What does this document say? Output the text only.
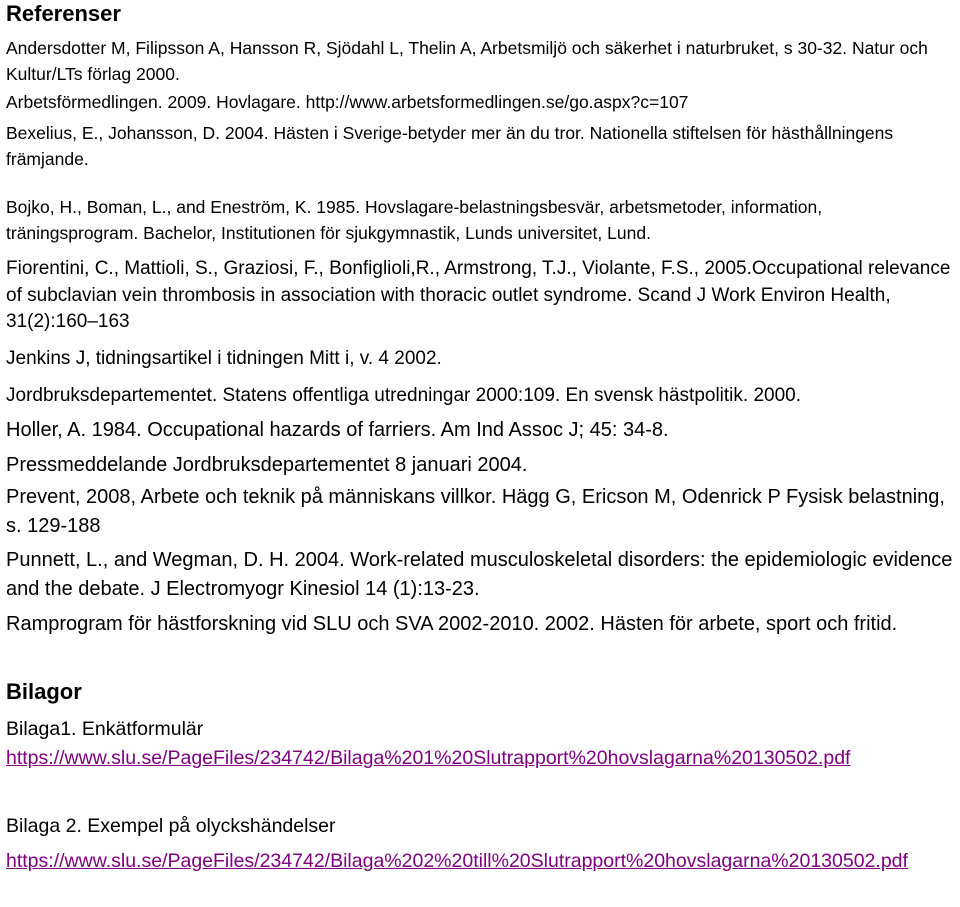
Referenser

Andersdotter M, Filipsson A, Hansson R, Sjödahl L, Thelin A, Arbetsmiljö och säkerhet i naturbruket, s 30-32. Natur och Kultur/LTs förlag 2000.

Arbetsförmedlingen. 2009. Hovlagare. http://www.arbetsformedlingen.se/go.aspx?c=107

Bexelius, E., Johansson, D. 2004. Hästen i Sverige-betyder mer än du tror. Nationella stiftelsen för hästhållningens främjande.

Bojko, H., Boman, L., and Eneström, K. 1985. Hovslagare-belastningsbesvär, arbetsmetoder, information, träningsprogram. Bachelor, Institutionen för sjukgymnastik, Lunds universitet, Lund.

Fiorentini, C., Mattioli, S., Graziosi, F., Bonfiglioli,R., Armstrong, T.J., Violante, F.S., 2005.Occupational relevance of subclavian vein thrombosis in association with thoracic outlet syndrome. Scand J Work Environ Health, 31(2):160–163

Jenkins J, tidningsartikel i tidningen Mitt i, v. 4 2002.

Jordbruksdepartementet. Statens offentliga utredningar 2000:109. En svensk hästpolitik. 2000.

Holler, A. 1984. Occupational hazards of farriers. Am Ind Assoc J; 45: 34-8.

Pressmeddelande Jordbruksdepartementet 8 januari 2004.

Prevent, 2008, Arbete och teknik på människans villkor. Hägg G, Ericson M, Odenrick P Fysisk belastning, s. 129-188

Punnett, L., and Wegman, D. H. 2004. Work-related musculoskeletal disorders: the epidemiologic evidence and the debate. J Electromyogr Kinesiol 14 (1):13-23.

Ramprogram för hästforskning vid SLU och SVA 2002-2010. 2002. Hästen för arbete, sport och fritid.

Bilagor

Bilaga1. Enkätformulär

https://www.slu.se/PageFiles/234742/Bilaga%201%20Slutrapport%20hovslagarna%20130502.pdf

Bilaga 2. Exempel på olyckshändelser

https://www.slu.se/PageFiles/234742/Bilaga%202%20till%20Slutrapport%20hovslagarna%20130502.pdf
